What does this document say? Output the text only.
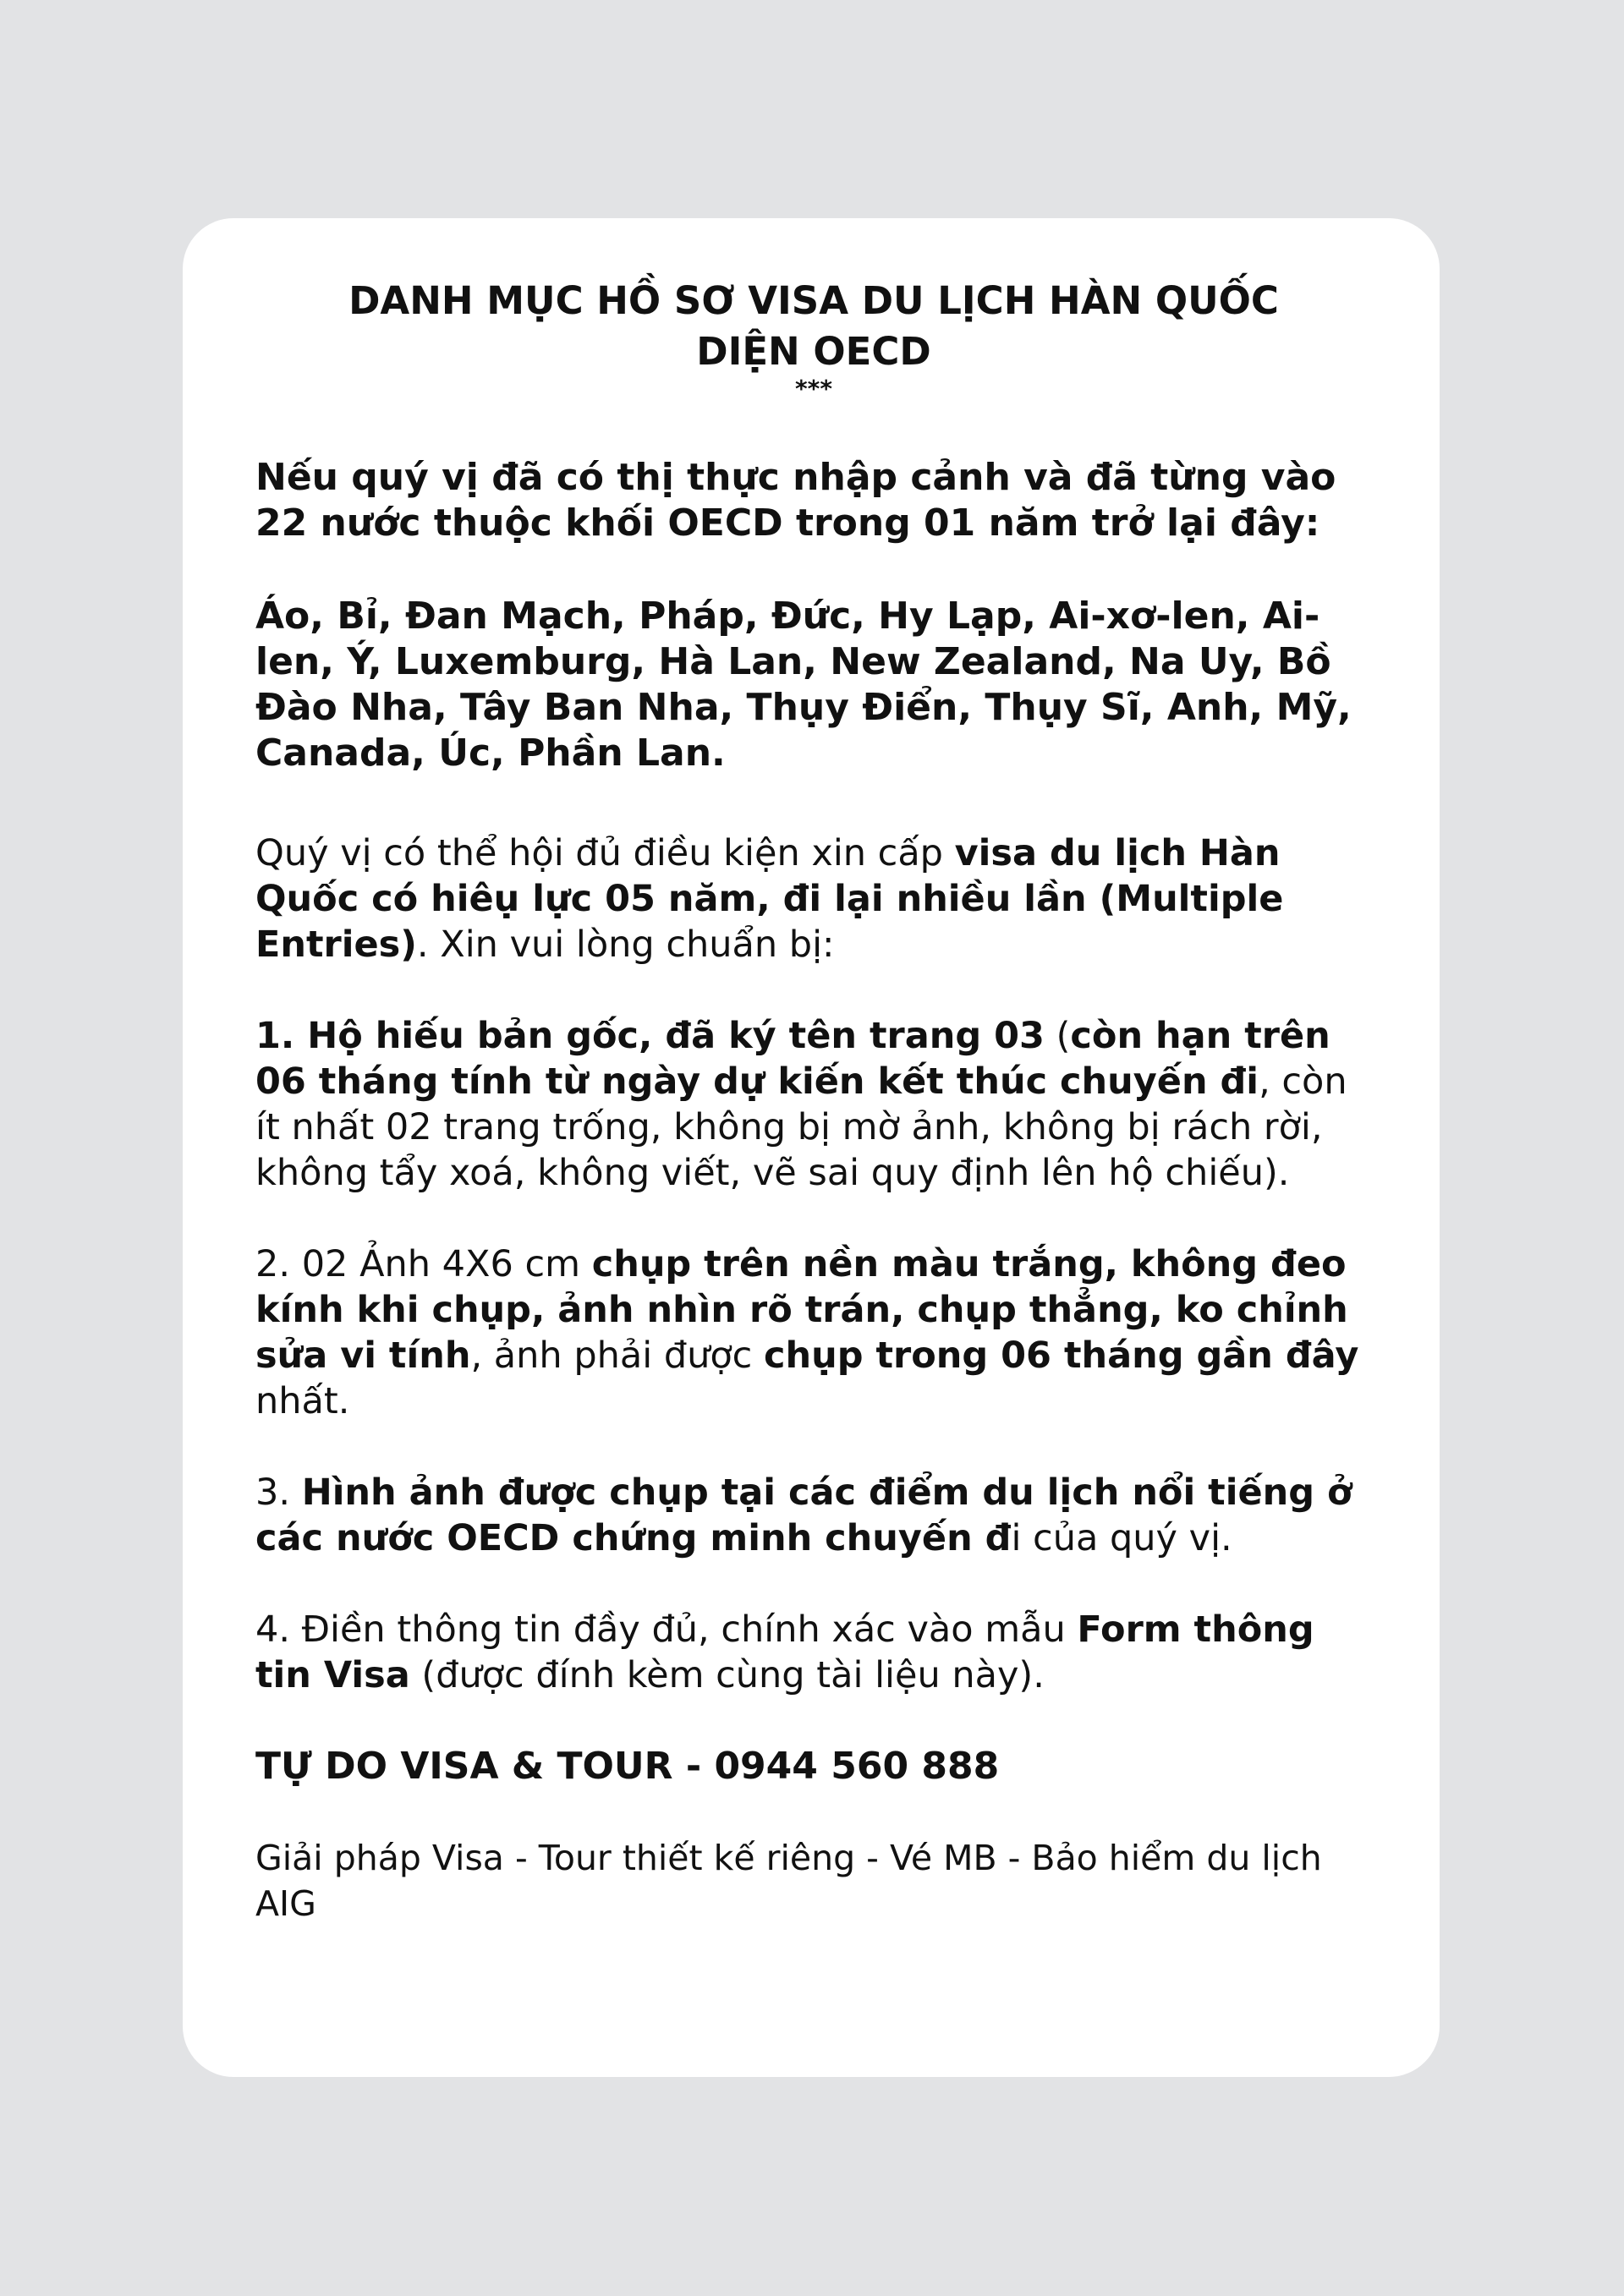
DANH MỤC HỒ SƠ VISA DU LỊCH HÀN QUỐC
DIỆN OECD

***

Nếu quý vị đã có thị thực nhập cảnh và đã từng vào 22 nước thuộc khối OECD trong 01 năm trở lại đây:

Áo, Bỉ, Đan Mạch, Pháp, Đức, Hy Lạp, Ai-xơ-len, Ai-len, Ý, Luxemburg, Hà Lan, New Zealand, Na Uy, Bồ Đào Nha, Tây Ban Nha, Thụy Điển, Thụy Sĩ, Anh, Mỹ, Canada, Úc, Phần Lan.

Quý vị có thể hội đủ điều kiện xin cấp visa du lịch Hàn Quốc có hiêụ lực 05 năm, đi lại nhiều lần (Multiple Entries). Xin vui lòng chuẩn bị:

1. Hộ hiếu bản gốc, đã ký tên trang 03 (còn hạn trên 06 tháng tính từ ngày dự kiến kết thúc chuyến đi, còn ít nhất 02 trang trống, không bị mờ ảnh, không bị rách rời, không tẩy xoá, không viết, vẽ sai quy định lên hộ chiếu).

2. 02 Ảnh 4X6 cm chụp trên nền màu trắng, không đeo kính khi chụp, ảnh nhìn rõ trán, chụp thẳng, ko chỉnh sửa vi tính, ảnh phải được chụp trong 06 tháng gần đây nhất.

3. Hình ảnh được chụp tại các điểm du lịch nổi tiếng ở các nước OECD chứng minh chuyến đi của quý vị.

4. Điền thông tin đầy đủ, chính xác vào mẫu Form thông tin Visa (được đính kèm cùng tài liệu này).

TỰ DO VISA & TOUR - 0944 560 888

Giải pháp Visa - Tour thiết kế riêng - Vé MB - Bảo hiểm du lịch AIG
